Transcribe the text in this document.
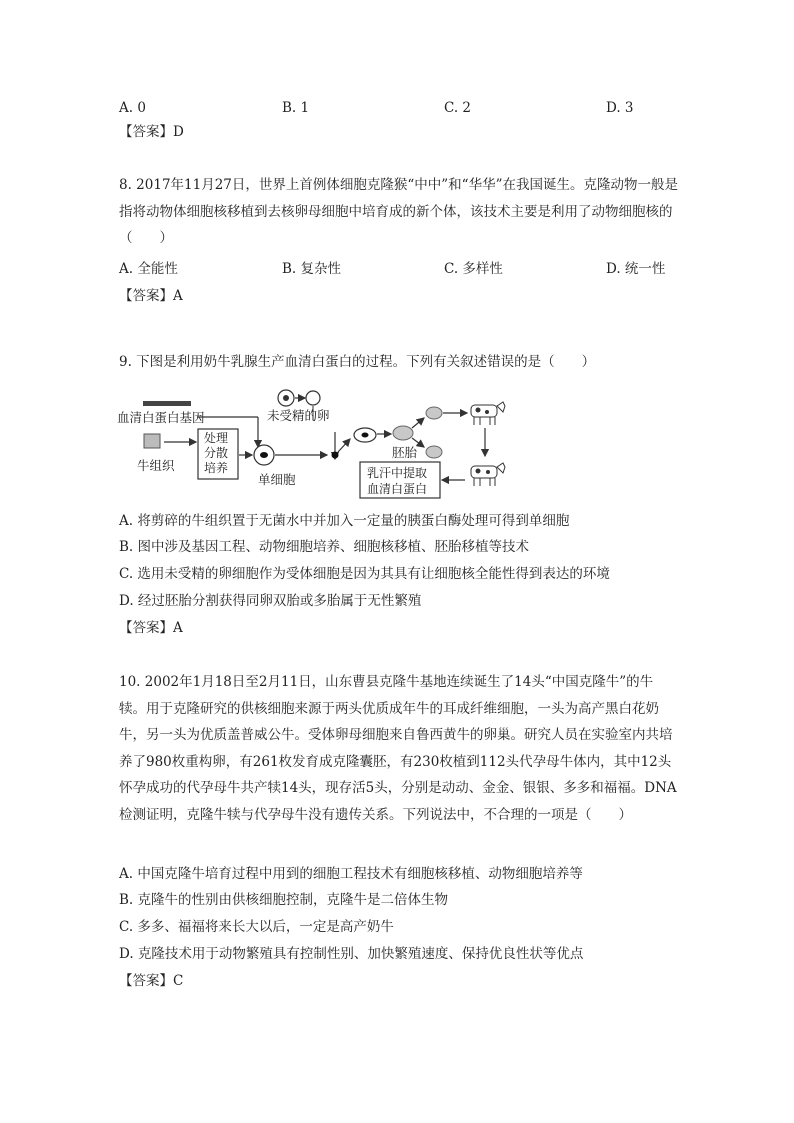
A. 0	B. 1	C. 2	D. 3
【答案】D
8. 2017年11月27日，世界上首例体细胞克隆猴“中中”和“华华”在我国诞生。克隆动物一般是指将动物体细胞核移植到去核卵母细胞中培育成的新个体，该技术主要是利用了动物细胞核的（　　）
A. 全能性	B. 复杂性	C. 多样性	D. 统一性
【答案】A
9. 下图是利用奶牛乳腺生产血清白蛋白的过程。下列有关叙述错误的是（　　）
血清白蛋白基因	未受精的卵
牛组织
处理分散培养
单细胞
胚胎
乳汗中提取血清白蛋白
A. 将剪碎的牛组织置于无菌水中并加入一定量的胰蛋白酶处理可得到单细胞
B. 图中涉及基因工程、动物细胞培养、细胞核移植、胚胎移植等技术
C. 选用未受精的卵细胞作为受体细胞是因为其具有让细胞核全能性得到表达的环境
D. 经过胚胎分割获得同卵双胎或多胎属于无性繁殖
【答案】A
10. 2002年1月18日至2月11日，山东曹县克隆牛基地连续诞生了14头“中国克隆牛”的牛犊。用于克隆研究的供核细胞来源于两头优质成年牛的耳成纤维细胞，一头为高产黑白花奶牛，另一头为优质盖普威公牛。受体卵母细胞来自鲁西黄牛的卵巢。研究人员在实验室内共培养了980枚重构卵，有261枚发育成克隆囊胚，有230枚植到112头代孕母牛体内，其中12头怀孕成功的代孕母牛共产犊14头，现存活5头，分别是动动、金金、银银、多多和福福。DNA检测证明，克隆牛犊与代孕母牛没有遗传关系。下列说法中，不合理的一项是（　　）
A. 中国克隆牛培育过程中用到的细胞工程技术有细胞核移植、动物细胞培养等
B. 克隆牛的性别由供核细胞控制，克隆牛是二倍体生物
C. 多多、福福将来长大以后，一定是高产奶牛
D. 克隆技术用于动物繁殖具有控制性别、加快繁殖速度、保持优良性状等优点
【答案】C
